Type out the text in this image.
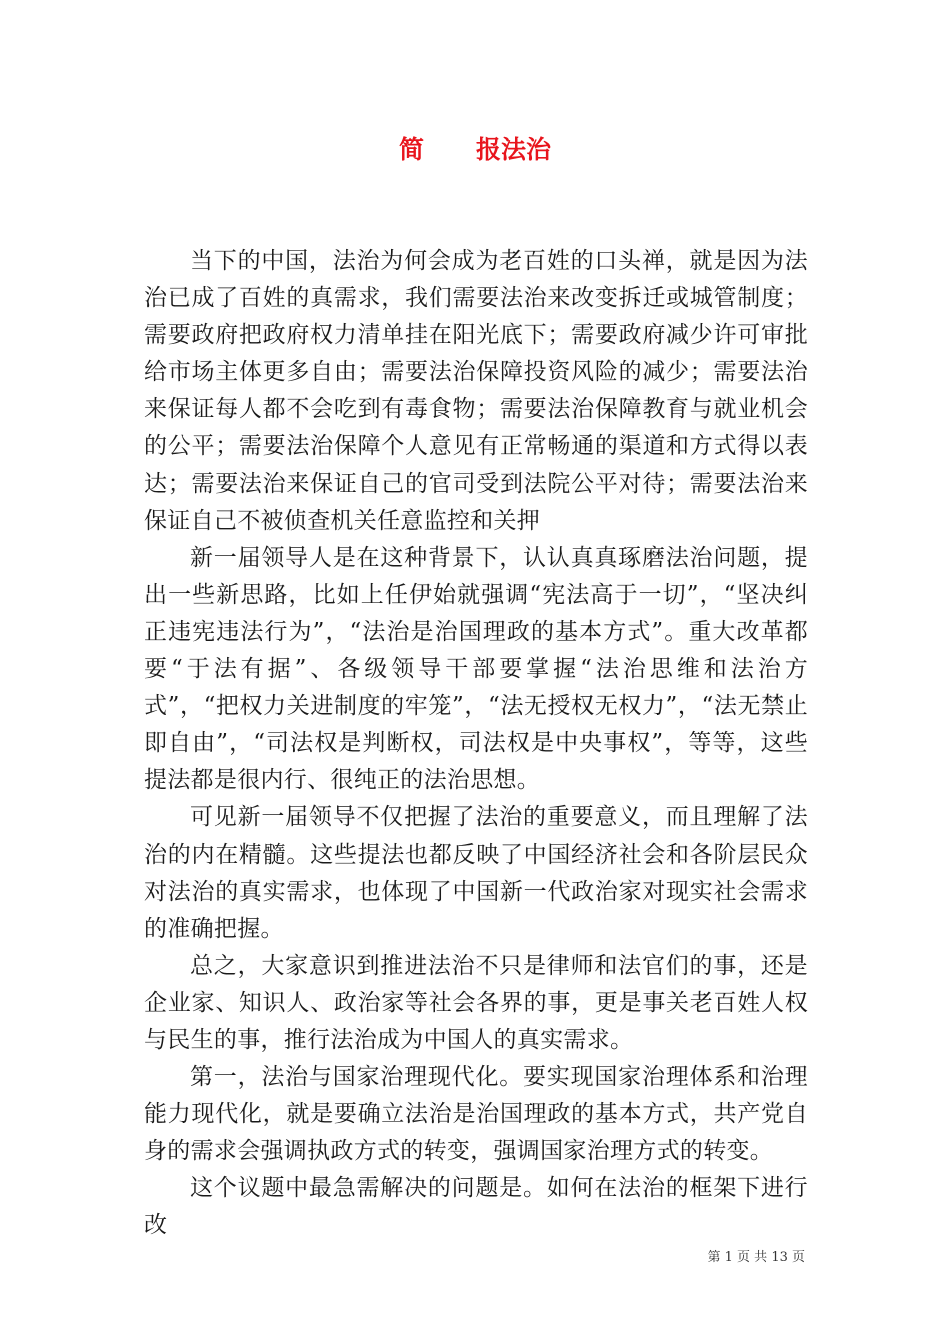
简 报法治

当下的中国，法治为何会成为老百姓的口头禅，就是因为法治已成了百姓的真需求，我们需要法治来改变拆迁或城管制度；需要政府把政府权力清单挂在阳光底下；需要政府减少许可审批给市场主体更多自由；需要法治保障投资风险的减少；需要法治来保证每人都不会吃到有毒食物；需要法治保障教育与就业机会的公平；需要法治保障个人意见有正常畅通的渠道和方式得以表达；需要法治来保证自己的官司受到法院公平对待；需要法治来保证自己不被侦查机关任意监控和关押

新一届领导人是在这种背景下，认认真真琢磨法治问题，提出一些新思路，比如上任伊始就强调“宪法高于一切”，“坚决纠正违宪违法行为”，“法治是治国理政的基本方式”。重大改革都要“于法有据”、各级领导干部要掌握“法治思维和法治方式”，“把权力关进制度的牢笼”，“法无授权无权力”，“法无禁止即自由”，“司法权是判断权，司法权是中央事权”，等等，这些提法都是很内行、很纯正的法治思想。

可见新一届领导不仅把握了法治的重要意义，而且理解了法治的内在精髓。这些提法也都反映了中国经济社会和各阶层民众对法治的真实需求，也体现了中国新一代政治家对现实社会需求的准确把握。

总之，大家意识到推进法治不只是律师和法官们的事，还是企业家、知识人、政治家等社会各界的事，更是事关老百姓人权与民生的事，推行法治成为中国人的真实需求。

第一，法治与国家治理现代化。要实现国家治理体系和治理能力现代化，就是要确立法治是治国理政的基本方式，共产党自身的需求会强调执政方式的转变，强调国家治理方式的转变。

这个议题中最急需解决的问题是。如何在法治的框架下进行改

第 1 页 共 13 页
